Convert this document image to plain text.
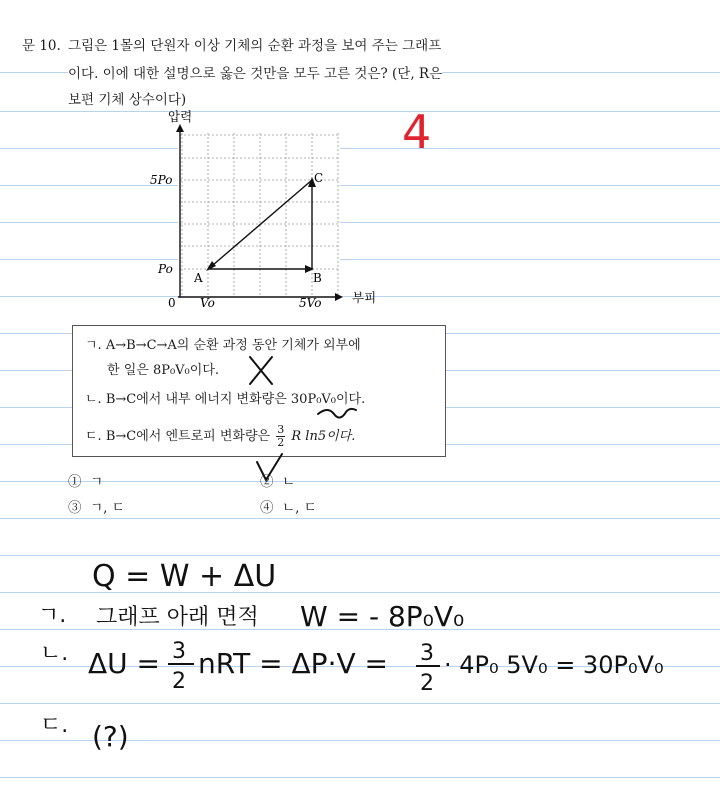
문 10. 그림은 1몰의 단원자 이상 기체의 순환 과정을 보여 주는 그래프
이다. 이에 대한 설명으로 옳은 것만을 모두 고른 것은? (단, R은
보편 기체 상수이다)
압력
부피
5Po
Po
0 Vo	5Vo
A	B
C
ㄱ. A→B→C→A의 순환 과정 동안 기체가 외부에
한 일은 8P₀V₀이다.
ㄴ. B→C에서 내부 에너지 변화량은 30P₀V₀이다.
ㄷ. B→C에서 엔트로피 변화량은 $\frac{3}{2}$ R ln5이다.
① ㄱ	② ㄴ
③ ㄱ, ㄷ	④ ㄴ, ㄷ
4
Q = W + ΔU
ㄱ. 그래프 아래 면적 W = - 8P₀V₀
ㄴ. ΔU = 3
2
nRT = ΔP·V = 3
2
· 4P₀ 5V₀ = 30P₀V₀
ㄷ. (?)
